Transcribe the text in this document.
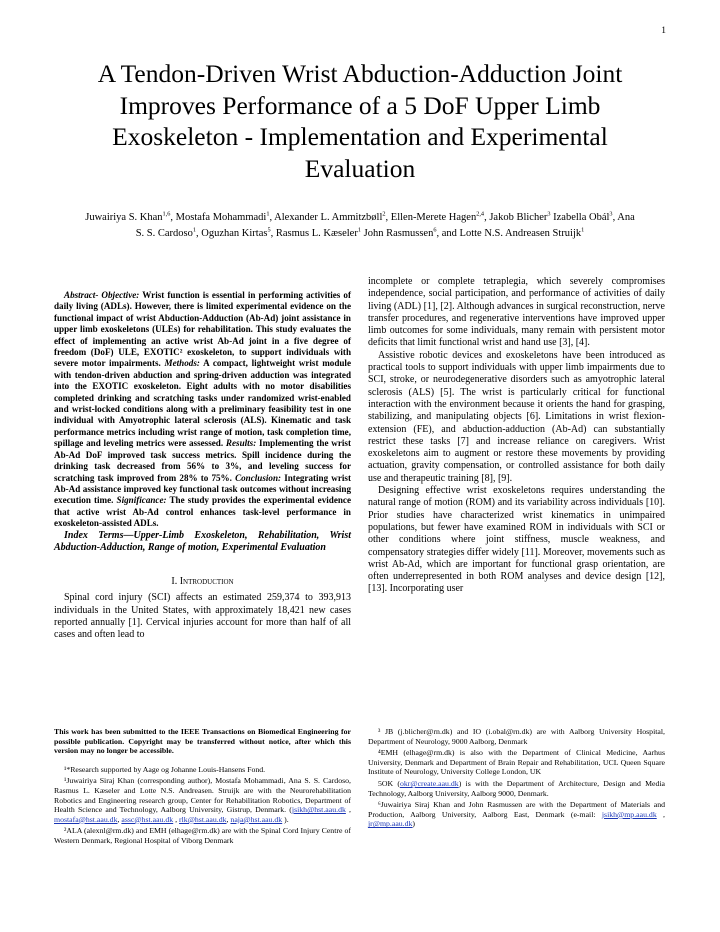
1
A Tendon-Driven Wrist Abduction-Adduction Joint Improves Performance of a 5 DoF Upper Limb Exoskeleton - Implementation and Experimental Evaluation
Juwairiya S. Khan$^{1,6}$, Mostafa Mohammadi$^1$, Alexander L. Ammitzbøll$^2$, Ellen-Merete Hagen$^{2,4}$, Jakob Blicher$^3$ Izabella Obál$^3$, Ana S. S. Cardoso$^1$, Oguzhan Kirtas$^5$, Rasmus L. Kæseler$^1$ John Rasmussen$^6$, and Lotte N.S. Andreasen Struijk$^1$

Abstract- Objective: Wrist function is essential in performing activities of daily living (ADLs). However, there is limited experimental evidence on the functional impact of wrist Abduction-Adduction (Ab-Ad) joint assistance in upper limb exoskeletons (ULEs) for rehabilitation. This study evaluates the effect of implementing an active wrist Ab-Ad joint in a five degree of freedom (DoF) ULE, EXOTIC² exoskeleton, to support individuals with severe motor impairments. Methods: A compact, lightweight wrist module with tendon-driven abduction and spring-driven adduction was integrated into the EXOTIC exoskeleton. Eight adults with no motor disabilities completed drinking and scratching tasks under randomized wrist-enabled and wrist-locked conditions along with a preliminary feasibility test in one individual with Amyotrophic lateral sclerosis (ALS). Kinematic and task performance metrics including wrist range of motion, task completion time, spillage and leveling metrics were assessed. Results: Implementing the wrist Ab-Ad DoF improved task success metrics. Spill incidence during the drinking task decreased from 56% to 3%, and leveling success for scratching task improved from 28% to 75%. Conclusion: Integrating wrist Ab-Ad assistance improved key functional task outcomes without increasing execution time. Significance: The study provides the experimental evidence that active wrist Ab-Ad control enhances task-level performance in exoskeleton-assisted ADLs.

Index Terms—Upper-Limb Exoskeleton, Rehabilitation, Wrist Abduction-Adduction, Range of motion, Experimental Evaluation

I. Introduction

Spinal cord injury (SCI) affects an estimated 259,374 to 393,913 individuals in the United States, with approximately 18,421 new cases reported annually [1]. Cervical injuries account for more than half of all cases and often lead to

incomplete or complete tetraplegia, which severely compromises independence, social participation, and performance of activities of daily living (ADL) [1], [2]. Although advances in surgical reconstruction, nerve transfer procedures, and regenerative interventions have improved upper limb outcomes for some individuals, many remain with persistent motor deficits that limit functional wrist and hand use [3], [4].

Assistive robotic devices and exoskeletons have been introduced as practical tools to support individuals with upper limb impairments due to SCI, stroke, or neurodegenerative disorders such as amyotrophic lateral sclerosis (ALS) [5]. The wrist is particularly critical for functional interaction with the environment because it orients the hand for grasping, stabilizing, and manipulating objects [6]. Limitations in wrist flexion-extension (FE), and abduction-adduction (Ab-Ad) can substantially restrict these tasks [7] and increase reliance on caregivers. Wrist exoskeletons aim to augment or restore these movements by providing actuation, gravity compensation, or controlled assistance for both daily use and therapeutic training [8], [9].

Designing effective wrist exoskeletons requires understanding the natural range of motion (ROM) and its variability across individuals [10]. Prior studies have characterized wrist kinematics in unimpaired populations, but fewer have examined ROM in individuals with SCI or other conditions where joint stiffness, muscle weakness, and compensatory strategies differ widely [11]. Moreover, movements such as wrist Ab-Ad, which are important for functional grasp orientation, are often underrepresented in both ROM analyses and device design [12], [13]. Incorporating user

This work has been submitted to the IEEE Transactions on Biomedical Engineering for possible publication. Copyright may be transferred without notice, after which this version may no longer be accessible.

¹*Research supported by Aage og Johanne Louis-Hansens Fond.

¹Juwairiya Siraj Khan (corresponding author), Mostafa Mohammadi, Ana S. S. Cardoso, Rasmus L. Kæseler and Lotte N.S. Andreasen. Struijk are with the Neurorehabilitation Robotics and Engineering research group, Center for Rehabilitation Robotics, Department of Health Science and Technology, Aalborg University, Gistrup, Denmark. (jsikh@hst.aau.dk , mostafa@hst.aau.dk, assc@hst.aau.dk , rlk@hst.aau.dk, naja@hst.aau.dk ).

²ALA (alexnl@rm.dk) and EMH (elhage@rm.dk) are with the Spinal Cord Injury Centre of Western Denmark, Regional Hospital of Viborg Denmark

³ JB (j.blicher@rn.dk) and IO (i.obal@rn.dk) are with Aalborg University Hospital, Department of Neurology, 9000 Aalborg, Denmark

⁴EMH (elhage@rm.dk) is also with the Department of Clinical Medicine, Aarhus University, Denmark and Department of Brain Repair and Rehabilitation, UCL Queen Square Institute of Neurology, University College London, UK

5OK (okr@create.aau.dk) is with the Department of Architecture, Design and Media Technology, Aalborg University, Aalborg 9000, Denmark.

⁶Juwairiya Siraj Khan and John Rasmussen are with the Department of Materials and Production, Aalborg University, Aalborg East, Denmark (e-mail: jsikh@mp.aau.dk , jr@mp.aau.dk)
